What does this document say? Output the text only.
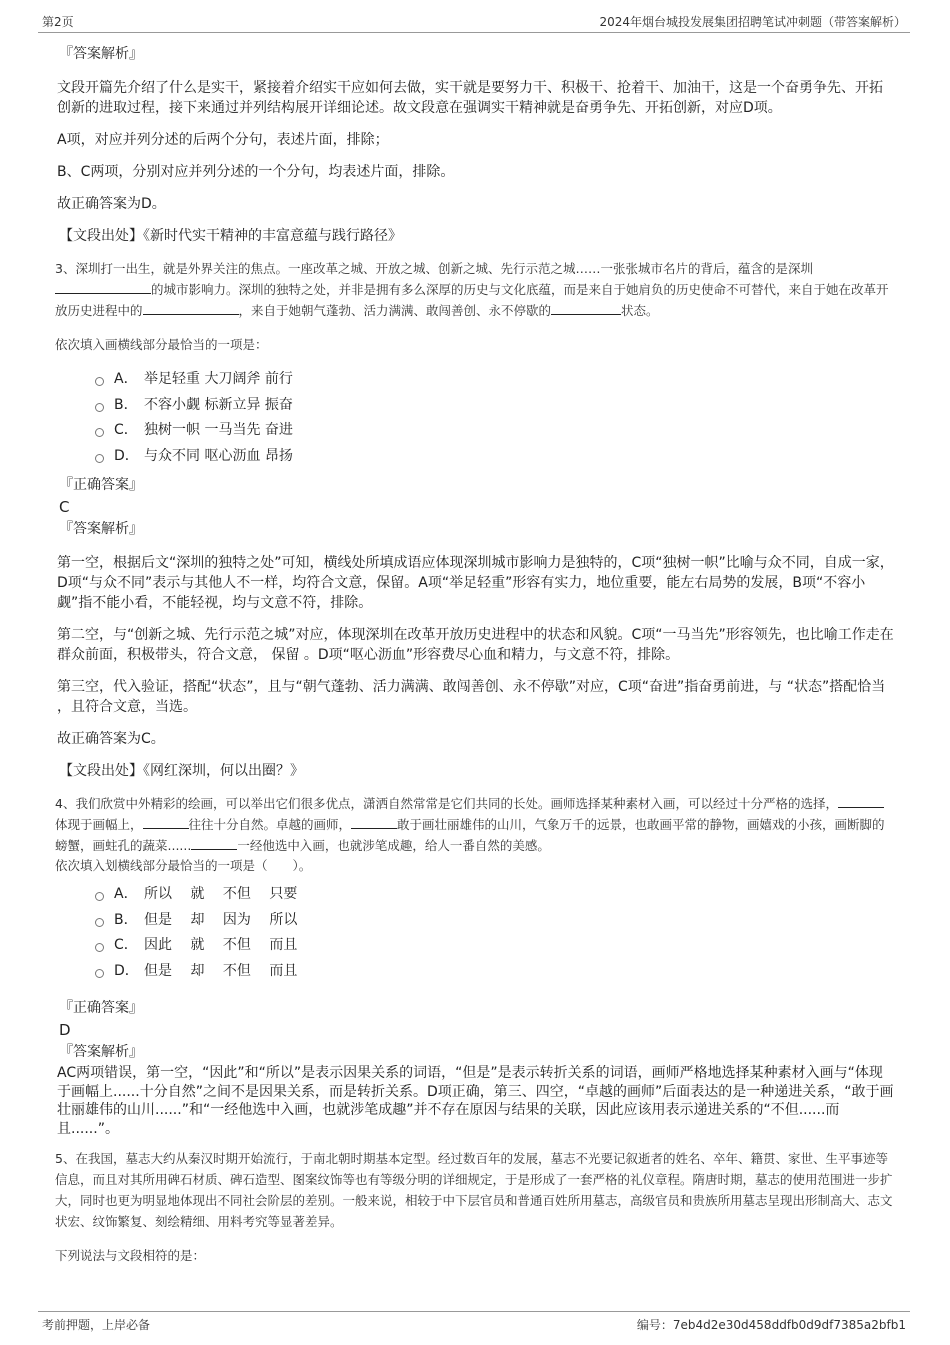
第2页	2024年烟台城投发展集团招聘笔试冲刺题（带答案解析）
『答案解析』
文段开篇先介绍了什么是实干，紧接着介绍实干应如何去做，实干就是要努力干、积极干、抢着干、加油干，这是一个奋勇争先、开拓创新的进取过程，接下来通过并列结构展开详细论述。故文段意在强调实干精神就是奋勇争先、开拓创新，对应D项。
A项，对应并列分述的后两个分句，表述片面，排除；
B、C两项，分别对应并列分述的一个分句，均表述片面，排除。
故正确答案为D。
【文段出处】《新时代实干精神的丰富意蕴与践行路径》
3、深圳打一出生，就是外界关注的焦点。一座改革之城、开放之城、创新之城、先行示范之城……一张张城市名片的背后，蕴含的是深圳的城市影响力。深圳的独特之处，并非是拥有多么深厚的历史与文化底蕴，而是来自于她肩负的历史使命不可替代，来自于她在改革开放历史进程中的	，来自于她朝气蓬勃、活力满满、敢闯善创、永不停歇的	状态。
依次填入画横线部分最恰当的一项是：
A． 举足轻重 大刀阔斧 前行
B． 不容小觑 标新立异 振奋
C． 独树一帜 一马当先 奋进
D． 与众不同 呕心沥血 昂扬
『正确答案』
C
『答案解析』
第一空，根据后文“深圳的独特之处”可知，横线处所填成语应体现深圳城市影响力是独特的，C项“独树一帜”比喻与众不同，自成一家，D项“与众不同”表示与其他人不一样，均符合文意，保留。A项“举足轻重”形容有实力，地位重要，能左右局势的发展，B项“不容小觑”指不能小看，不能轻视，均与文意不符，排除。
第二空，与“创新之城、先行示范之城”对应，体现深圳在改革开放历史进程中的状态和风貌。C项“一马当先”形容领先，也比喻工作走在群众前面，积极带头，符合文意， 保留 。D项“呕心沥血”形容费尽心血和精力，与文意不符，排除。
第三空，代入验证，搭配“状态”，且与“朝气蓬勃、活力满满、敢闯善创、永不停歇”对应，C项“奋进”指奋勇前进，与 “状态”搭配恰当 ，且符合文意，当选。
故正确答案为C。
【文段出处】《网红深圳，何以出圈？》
4、我们欣赏中外精彩的绘画，可以举出它们很多优点，潇洒自然常常是它们共同的长处。画师选择某种素材入画，可以经过十分严格的选择，体现于画幅上，	往往十分自然。卓越的画师，	敢于画壮丽雄伟的山川，气象万千的远景，也敢画平常的静物，画嬉戏的小孩，画断脚的螃蟹，画蛀孔的蔬菜......	一经他选中入画，也就涉笔成趣，给人一番自然的美感。
依次填入划横线部分最恰当的一项是（　　）。
A． 所以　 就　 不但　 只要
B． 但是　 却　 因为　 所以
C． 因此　 就　 不但　 而且
D． 但是　 却　 不但　 而且
『正确答案』
D
『答案解析』
AC两项错误，第一空，“因此”和“所以”是表示因果关系的词语，“但是”是表示转折关系的词语，画师严格地选择某种素材入画与“体现于画幅上......十分自然”之间不是因果关系，而是转折关系。D项正确，第三、四空，“卓越的画师”后面表达的是一种递进关系，“敢于画壮丽雄伟的山川......”和“一经他选中入画，也就涉笔成趣”并不存在原因与结果的关联，因此应该用表示递进关系的“不但......而且......”。
5、在我国，墓志大约从秦汉时期开始流行，于南北朝时期基本定型。经过数百年的发展，墓志不光要记叙逝者的姓名、卒年、籍贯、家世、生平事迹等信息，而且对其所用碑石材质、碑石造型、图案纹饰等也有等级分明的详细规定，于是形成了一套严格的礼仪章程。隋唐时期，墓志的使用范围进一步扩大，同时也更为明显地体现出不同社会阶层的差别。一般来说，相较于中下层官员和普通百姓所用墓志，高级官员和贵族所用墓志呈现出形制高大、志文状宏、纹饰繁复、刻绘精细、用料考究等显著差异。
下列说法与文段相符的是：
考前押题，上岸必备	编号：7eb4d2e30d458ddfb0d9df7385a2bfb1
